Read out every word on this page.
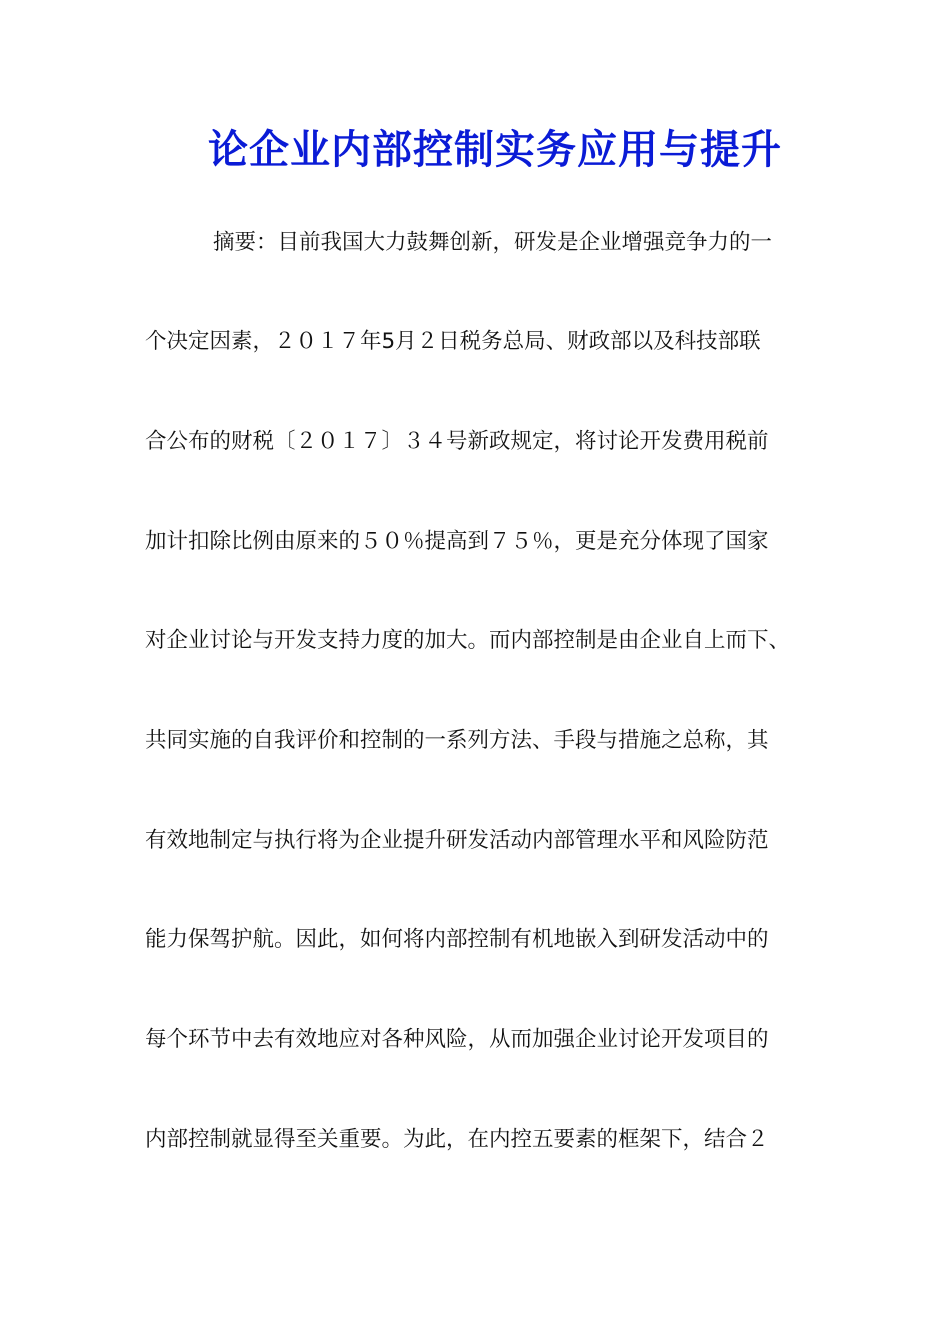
论企业内部控制实务应用与提升
摘要：目前我国大力鼓舞创新，研发是企业增强竞争力的一
个决定因素，２０１７年5月２日税务总局、财政部以及科技部联
合公布的财税〔２０１７〕３４号新政规定，将讨论开发费用税前
加计扣除比例由原来的５０％提高到７５％，更是充分体现了国家
对企业讨论与开发支持力度的加大。而内部控制是由企业自上而下、
共同实施的自我评价和控制的一系列方法、手段与措施之总称，其
有效地制定与执行将为企业提升研发活动内部管理水平和风险防范
能力保驾护航。因此，如何将内部控制有机地嵌入到研发活动中的
每个环节中去有效地应对各种风险，从而加强企业讨论开发项目的
内部控制就显得至关重要。为此，在内控五要素的框架下，结合２
